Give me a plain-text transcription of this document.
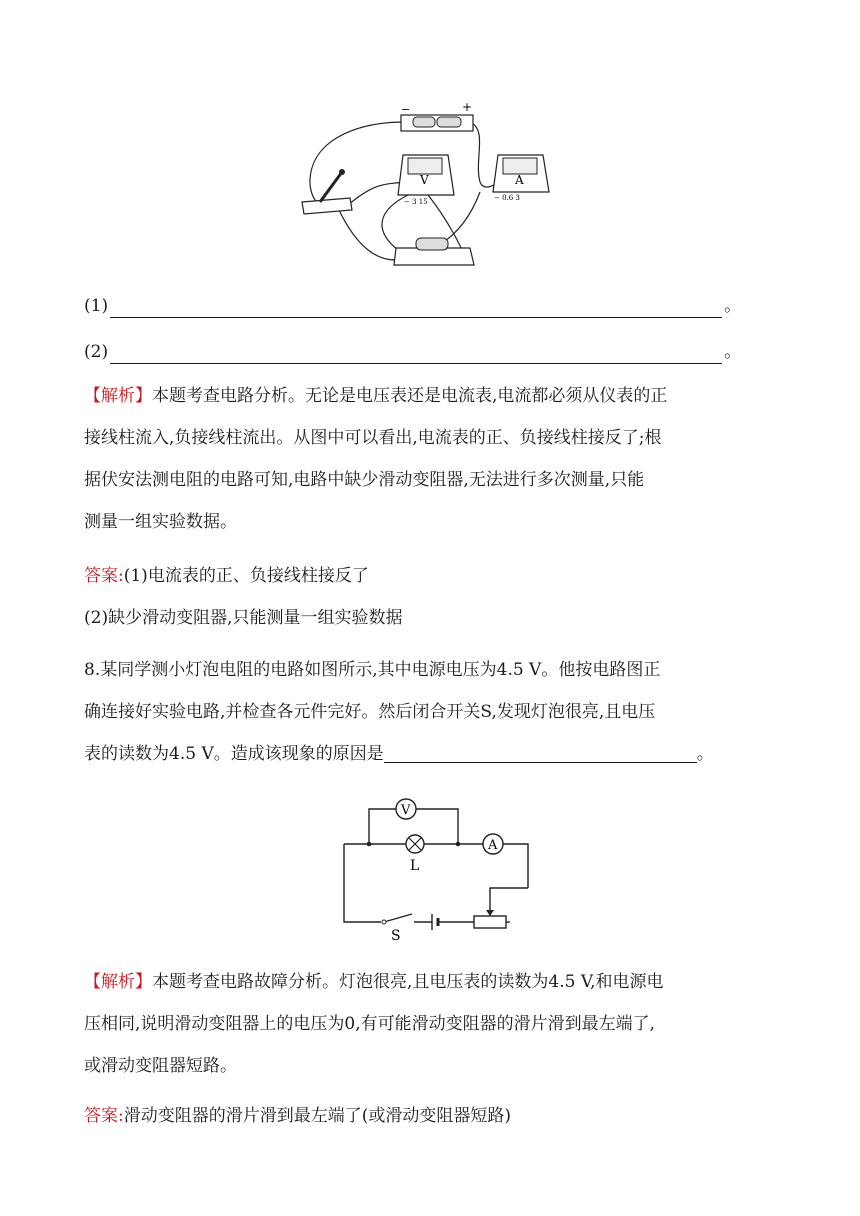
−	+
V
− 3 15
A
− 0.6 3
(1)	。
(2)	。
【解析】本题考查电路分析。无论是电压表还是电流表,电流都必须从仪表的正
接线柱流入,负接线柱流出。从图中可以看出,电流表的正、负接线柱接反了;根
据伏安法测电阻的电路可知,电路中缺少滑动变阻器,无法进行多次测量,只能
测量一组实验数据。
答案:(1)电流表的正、负接线柱接反了
(2)缺少滑动变阻器,只能测量一组实验数据
8.某同学测小灯泡电阻的电路如图所示,其中电源电压为4.5 V。他按电路图正
确连接好实验电路,并检查各元件完好。然后闭合开关S,发现灯泡很亮,且电压
表的读数为4.5 V。造成该现象的原因是	。
V
L
A
S
【解析】本题考查电路故障分析。灯泡很亮,且电压表的读数为4.5 V,和电源电
压相同,说明滑动变阻器上的电压为0,有可能滑动变阻器的滑片滑到最左端了,
或滑动变阻器短路。
答案:滑动变阻器的滑片滑到最左端了(或滑动变阻器短路)
